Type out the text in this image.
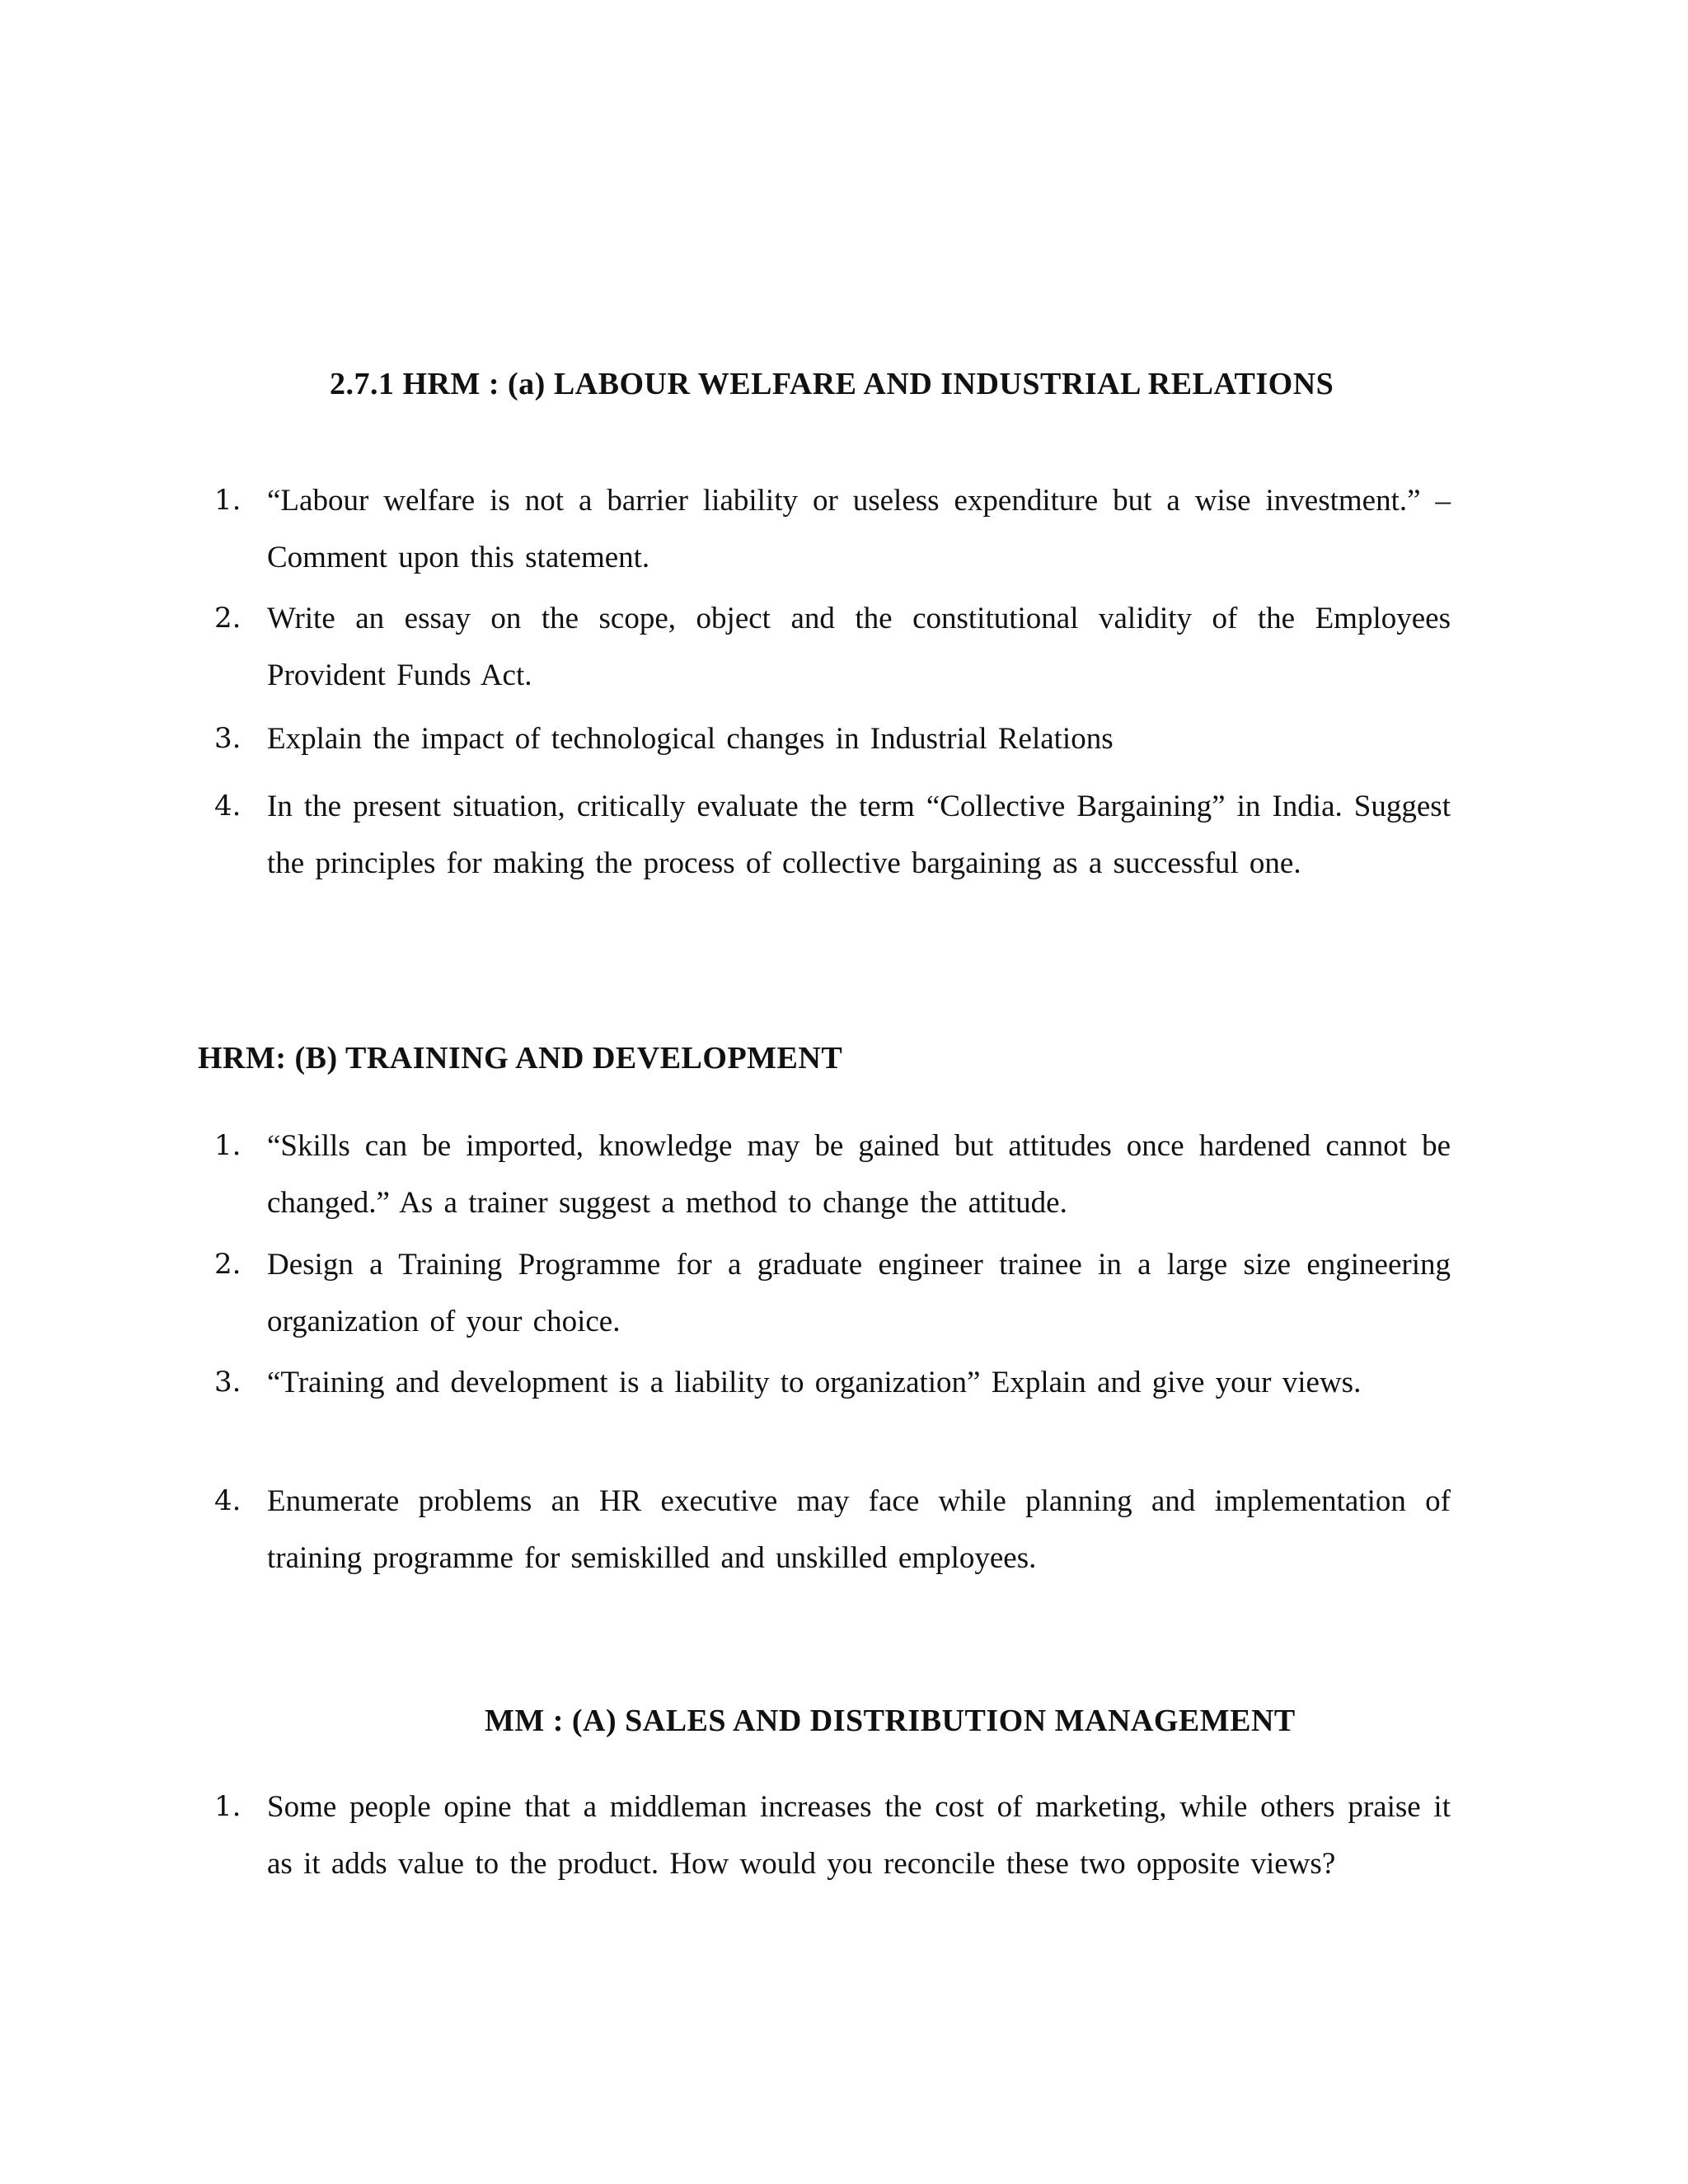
2.7.1 HRM : (a) LABOUR WELFARE AND INDUSTRIAL RELATIONS
1. “Labour welfare is not a barrier liability or useless expenditure but a wise investment.” – Comment upon this statement.
2. Write an essay on the scope, object and the constitutional validity of the Employees Provident Funds Act.
3. Explain the impact of technological changes in Industrial Relations
4. In the present situation, critically evaluate the term “Collective Bargaining” in India. Suggest the principles for making the process of collective bargaining as a successful one.
HRM: (B) TRAINING AND DEVELOPMENT
1. “Skills can be imported, knowledge may be gained but attitudes once hardened cannot be changed.” As a trainer suggest a method to change the attitude.
2. Design a Training Programme for a graduate engineer trainee in a large size engineering organization of your choice.
3. “Training and development is a liability to organization” Explain and give your views.
4. Enumerate problems an HR executive may face while planning and implementation of training programme for semiskilled and unskilled employees.
MM : (A) SALES AND DISTRIBUTION MANAGEMENT
1. Some people opine that a middleman increases the cost of marketing, while others praise it as it adds value to the product. How would you reconcile these two opposite views?
